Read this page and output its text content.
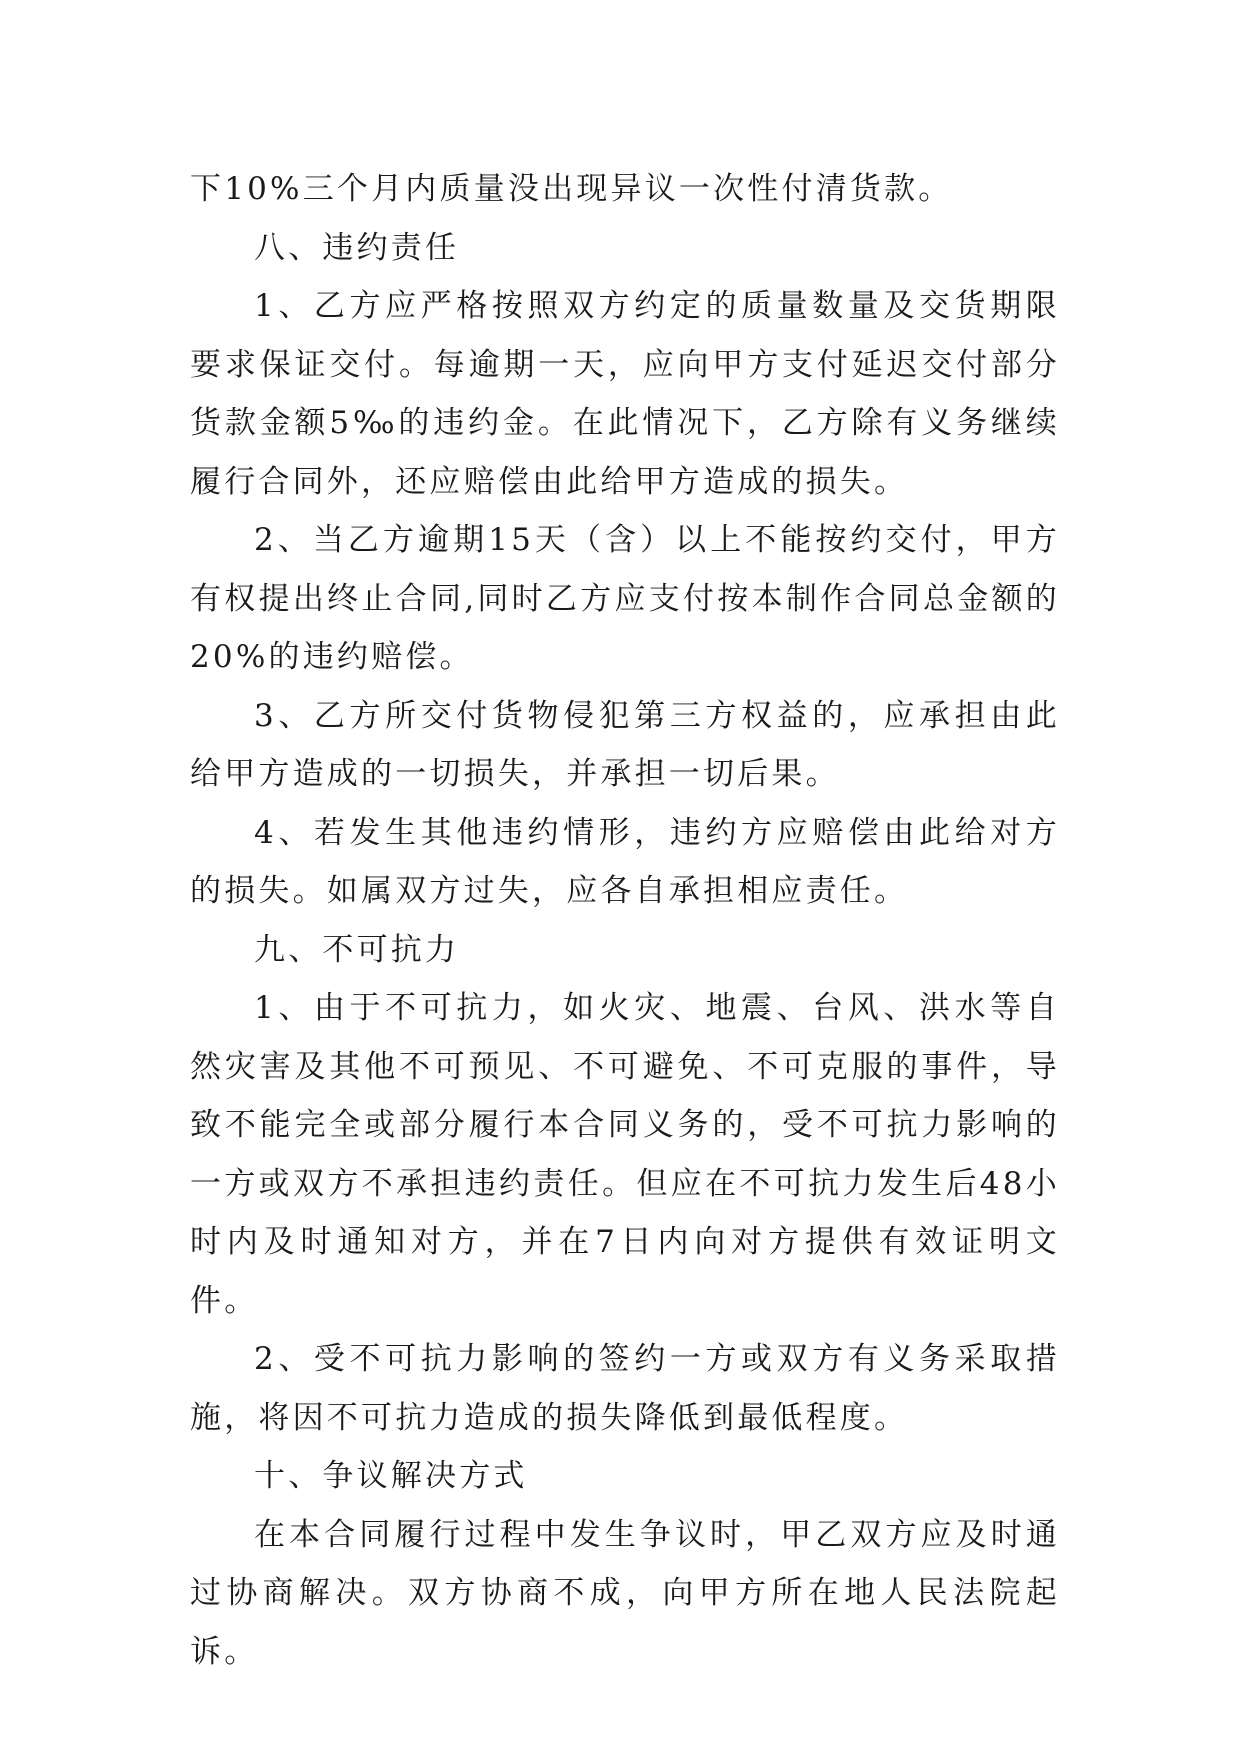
下10%三个月内质量没出现异议一次性付清货款。

八、违约责任

1、乙方应严格按照双方约定的质量数量及交货期限要求保证交付。每逾期一天，应向甲方支付延迟交付部分货款金额5‰的违约金。在此情况下，乙方除有义务继续履行合同外，还应赔偿由此给甲方造成的损失。

2、当乙方逾期15天（含）以上不能按约交付，甲方有权提出终止合同,同时乙方应支付按本制作合同总金额的20%的违约赔偿。

3、乙方所交付货物侵犯第三方权益的，应承担由此给甲方造成的一切损失，并承担一切后果。

4、若发生其他违约情形，违约方应赔偿由此给对方的损失。如属双方过失，应各自承担相应责任。

九、不可抗力

1、由于不可抗力，如火灾、地震、台风、洪水等自然灾害及其他不可预见、不可避免、不可克服的事件，导致不能完全或部分履行本合同义务的，受不可抗力影响的一方或双方不承担违约责任。但应在不可抗力发生后48小时内及时通知对方，并在7日内向对方提供有效证明文件。

2、受不可抗力影响的签约一方或双方有义务采取措施，将因不可抗力造成的损失降低到最低程度。

十、争议解决方式

在本合同履行过程中发生争议时，甲乙双方应及时通过协商解决。双方协商不成，向甲方所在地人民法院起诉。
